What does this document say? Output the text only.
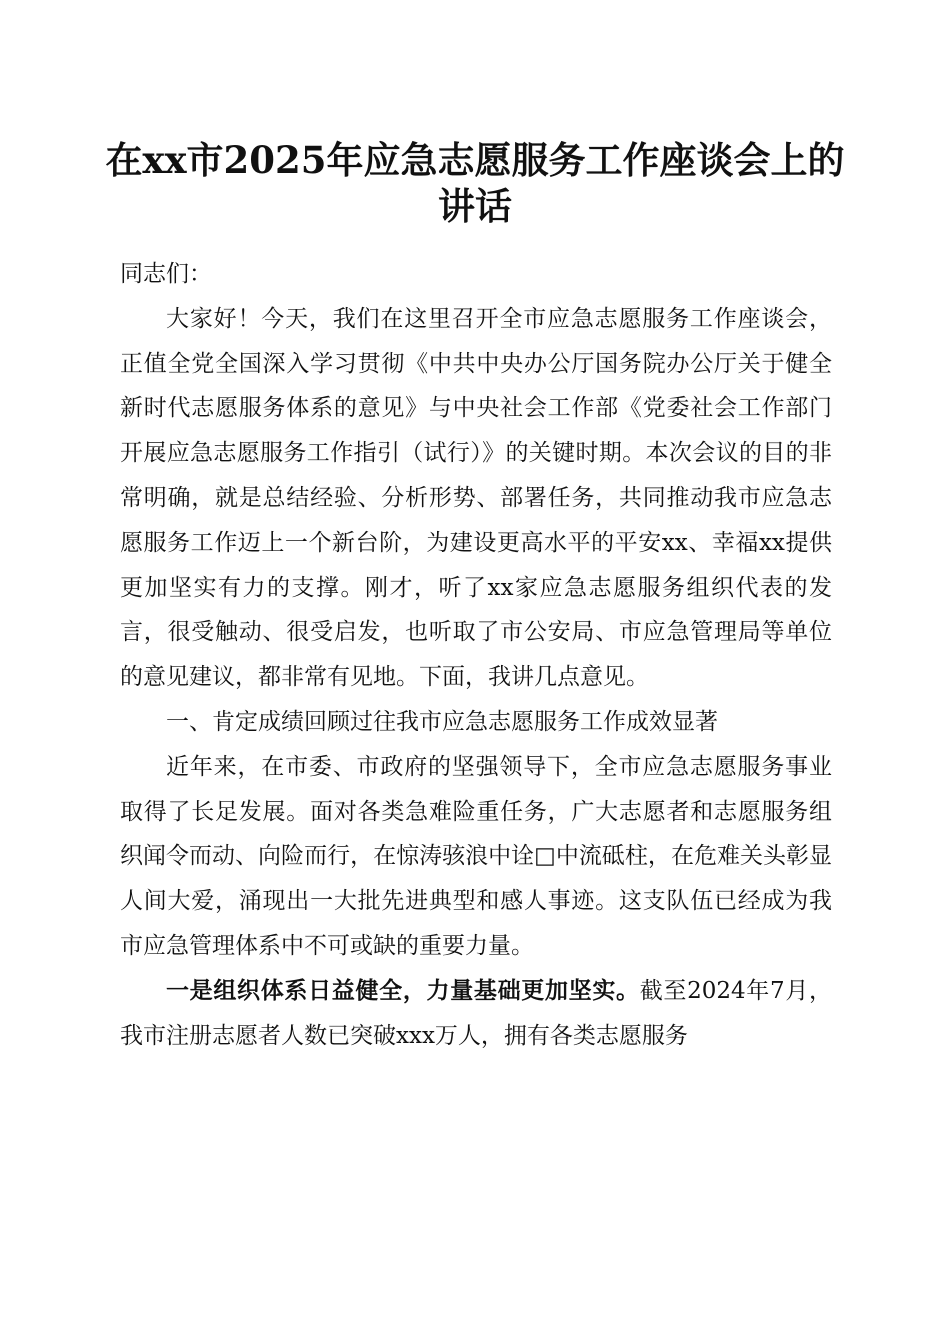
在xx市2025年应急志愿服务工作座谈会上的
讲话

同志们：

大家好！今天，我们在这里召开全市应急志愿服务工作座谈会，正值全党全国深入学习贯彻《中共中央办公厅国务院办公厅关于健全新时代志愿服务体系的意见》与中央社会工作部《党委社会工作部门开展应急志愿服务工作指引（试行）》的关键时期。本次会议的目的非常明确，就是总结经验、分析形势、部署任务，共同推动我市应急志愿服务工作迈上一个新台阶，为建设更高水平的平安xx、幸福xx提供更加坚实有力的支撑。刚才，听了xx家应急志愿服务组织代表的发言，很受触动、很受启发，也听取了市公安局、市应急管理局等单位的意见建议，都非常有见地。下面，我讲几点意见。

一、肯定成绩回顾过往我市应急志愿服务工作成效显著

近年来，在市委、市政府的坚强领导下，全市应急志愿服务事业取得了长足发展。面对各类急难险重任务，广大志愿者和志愿服务组织闻令而动、向险而行，在惊涛骇浪中诠□中流砥柱，在危难关头彰显人间大爱，涌现出一大批先进典型和感人事迹。这支队伍已经成为我市应急管理体系中不可或缺的重要力量。

一是组织体系日益健全，力量基础更加坚实。截至2024年7月，我市注册志愿者人数已突破xxx万人，拥有各类志愿服务
